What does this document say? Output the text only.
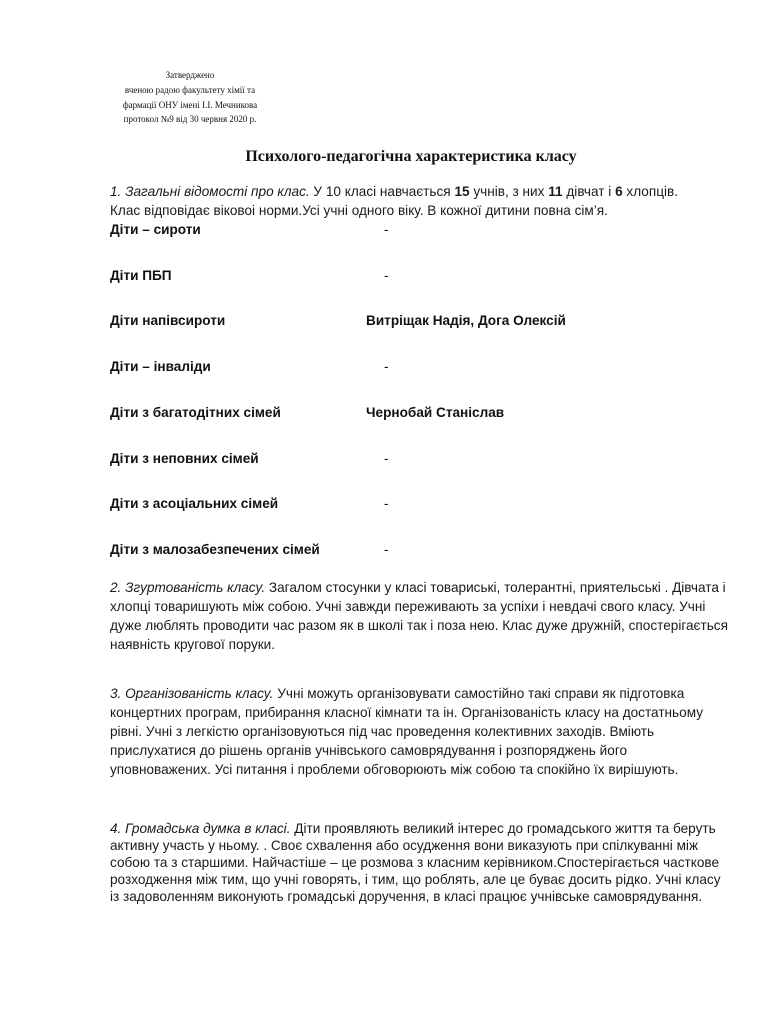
Затверджено
вченою радою факультету хімії та
фармації ОНУ імені І.І. Мечникова
протокол №9 від 30 червня 2020 р.
Психолого-педагогічна характеристика класу
1. Загальні відомості про клас. У 10 класі навчається 15 учнів, з них 11 дівчат і 6 хлопців.
Клас відповідає віковоі норми.Усі учні одного віку. В кожної дитини повна сім’я.
Діти – сироти	-
Діти ПБП	-
Діти напівсироти	Витріщак Надія, Дога Олексій
Діти – інваліди	-
Діти з багатодітних сімей	Чернобай Станіслав
Діти з неповних сімей	-
Діти з асоціальних сімей	-
Діти з малозабезпечених сімей	-
2. Згуртованість класу. Загалом стосунки у класі товариські, толерантні, приятельські . Дівчата і хлопці товаришують між собою. Учні завжди переживають за успіхи і невдачі свого класу. Учні дуже люблять проводити час разом як в школі так і поза нею. Клас дуже дружній, спостерігається наявність кругової поруки.
3. Організованість класу. Учні можуть організовувати самостійно такі справи як підготовка концертних програм, прибирання класної кімнати та ін. Організованість класу на достатньому рівні. Учні з легкістю організовуються під час проведення колективних заходів. Вміють прислухатися до рішень органів учнівського самоврядування і розпоряджень його уповноважених. Усі питання і проблеми обговорюють між собою та спокійно їх вирішують.
4. Громадська думка в класі. Діти проявляють великий інтерес до громадського життя та беруть активну участь у ньому. . Своє схвалення або осудження вони виказують при спілкуванні між собою та з старшими. Найчастіше – це розмова з класним керівником.Спостерігається часткове розходження між тим, що учні говорять, і тим, що роблять, але це буває досить рідко. Учні класу із задоволенням виконують громадські доручення, в класі працює учнівське самоврядування.
